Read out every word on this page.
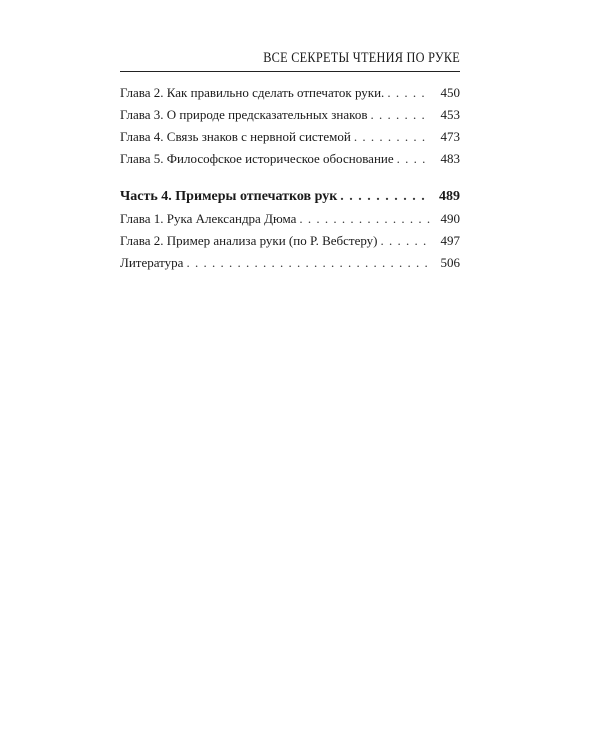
ВСЕ СЕКРЕТЫ ЧТЕНИЯ ПО РУКЕ
Глава 2. Как правильно сделать отпечаток руки. . . .	450
Глава 3. О природе предсказательных знаков . . .	453
Глава 4. Связь знаков с нервной системой . . .	473
Глава 5. Философское историческое обоснование . . .	483
Часть 4. Примеры отпечатков рук . . .	489
Глава 1. Рука Александра Дюма . . .	490
Глава 2. Пример анализа руки (по Р. Вебстеру) . . .	497
Литература . . .	506
